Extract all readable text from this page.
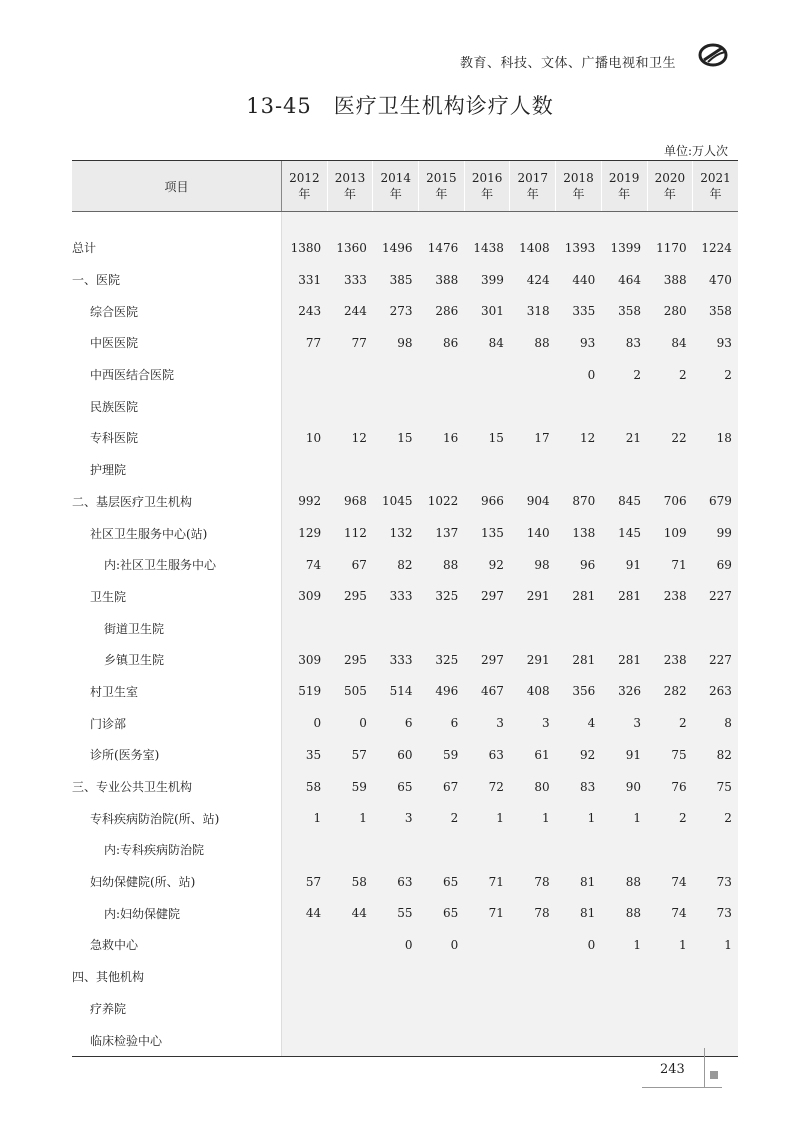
教育、科技、文体、广播电视和卫生
13-45 医疗卫生机构诊疗人数
单位:万人次
项目	2012 年	2013 年	2014 年	2015 年	2016 年	2017 年	2018 年	2019 年	2020 年	2021 年

总计	1380	1360	1496	1476	1438	1408	1393	1399	1170	1224
一、医院	331	333	385	388	399	424	440	464	388	470
综合医院	243	244	273	286	301	318	335	358	280	358
中医医院	77	77	98	86	84	88	93	83	84	93
中西医结合医院							0	2	2	2
民族医院										
专科医院	10	12	15	16	15	17	12	21	22	18
护理院										
二、基层医疗卫生机构	992	968	1045	1022	966	904	870	845	706	679
社区卫生服务中心(站)	129	112	132	137	135	140	138	145	109	99
内:社区卫生服务中心	74	67	82	88	92	98	96	91	71	69
卫生院	309	295	333	325	297	291	281	281	238	227
街道卫生院										
乡镇卫生院	309	295	333	325	297	291	281	281	238	227
村卫生室	519	505	514	496	467	408	356	326	282	263
门诊部	0	0	6	6	3	3	4	3	2	8
诊所(医务室)	35	57	60	59	63	61	92	91	75	82
三、专业公共卫生机构	58	59	65	67	72	80	83	90	76	75
专科疾病防治院(所、站)	1	1	3	2	1	1	1	1	2	2
内:专科疾病防治院										
妇幼保健院(所、站)	57	58	63	65	71	78	81	88	74	73
内:妇幼保健院	44	44	55	65	71	78	81	88	74	73
急救中心			0	0			0	1	1	1
四、其他机构										
疗养院										
临床检验中心										
243
